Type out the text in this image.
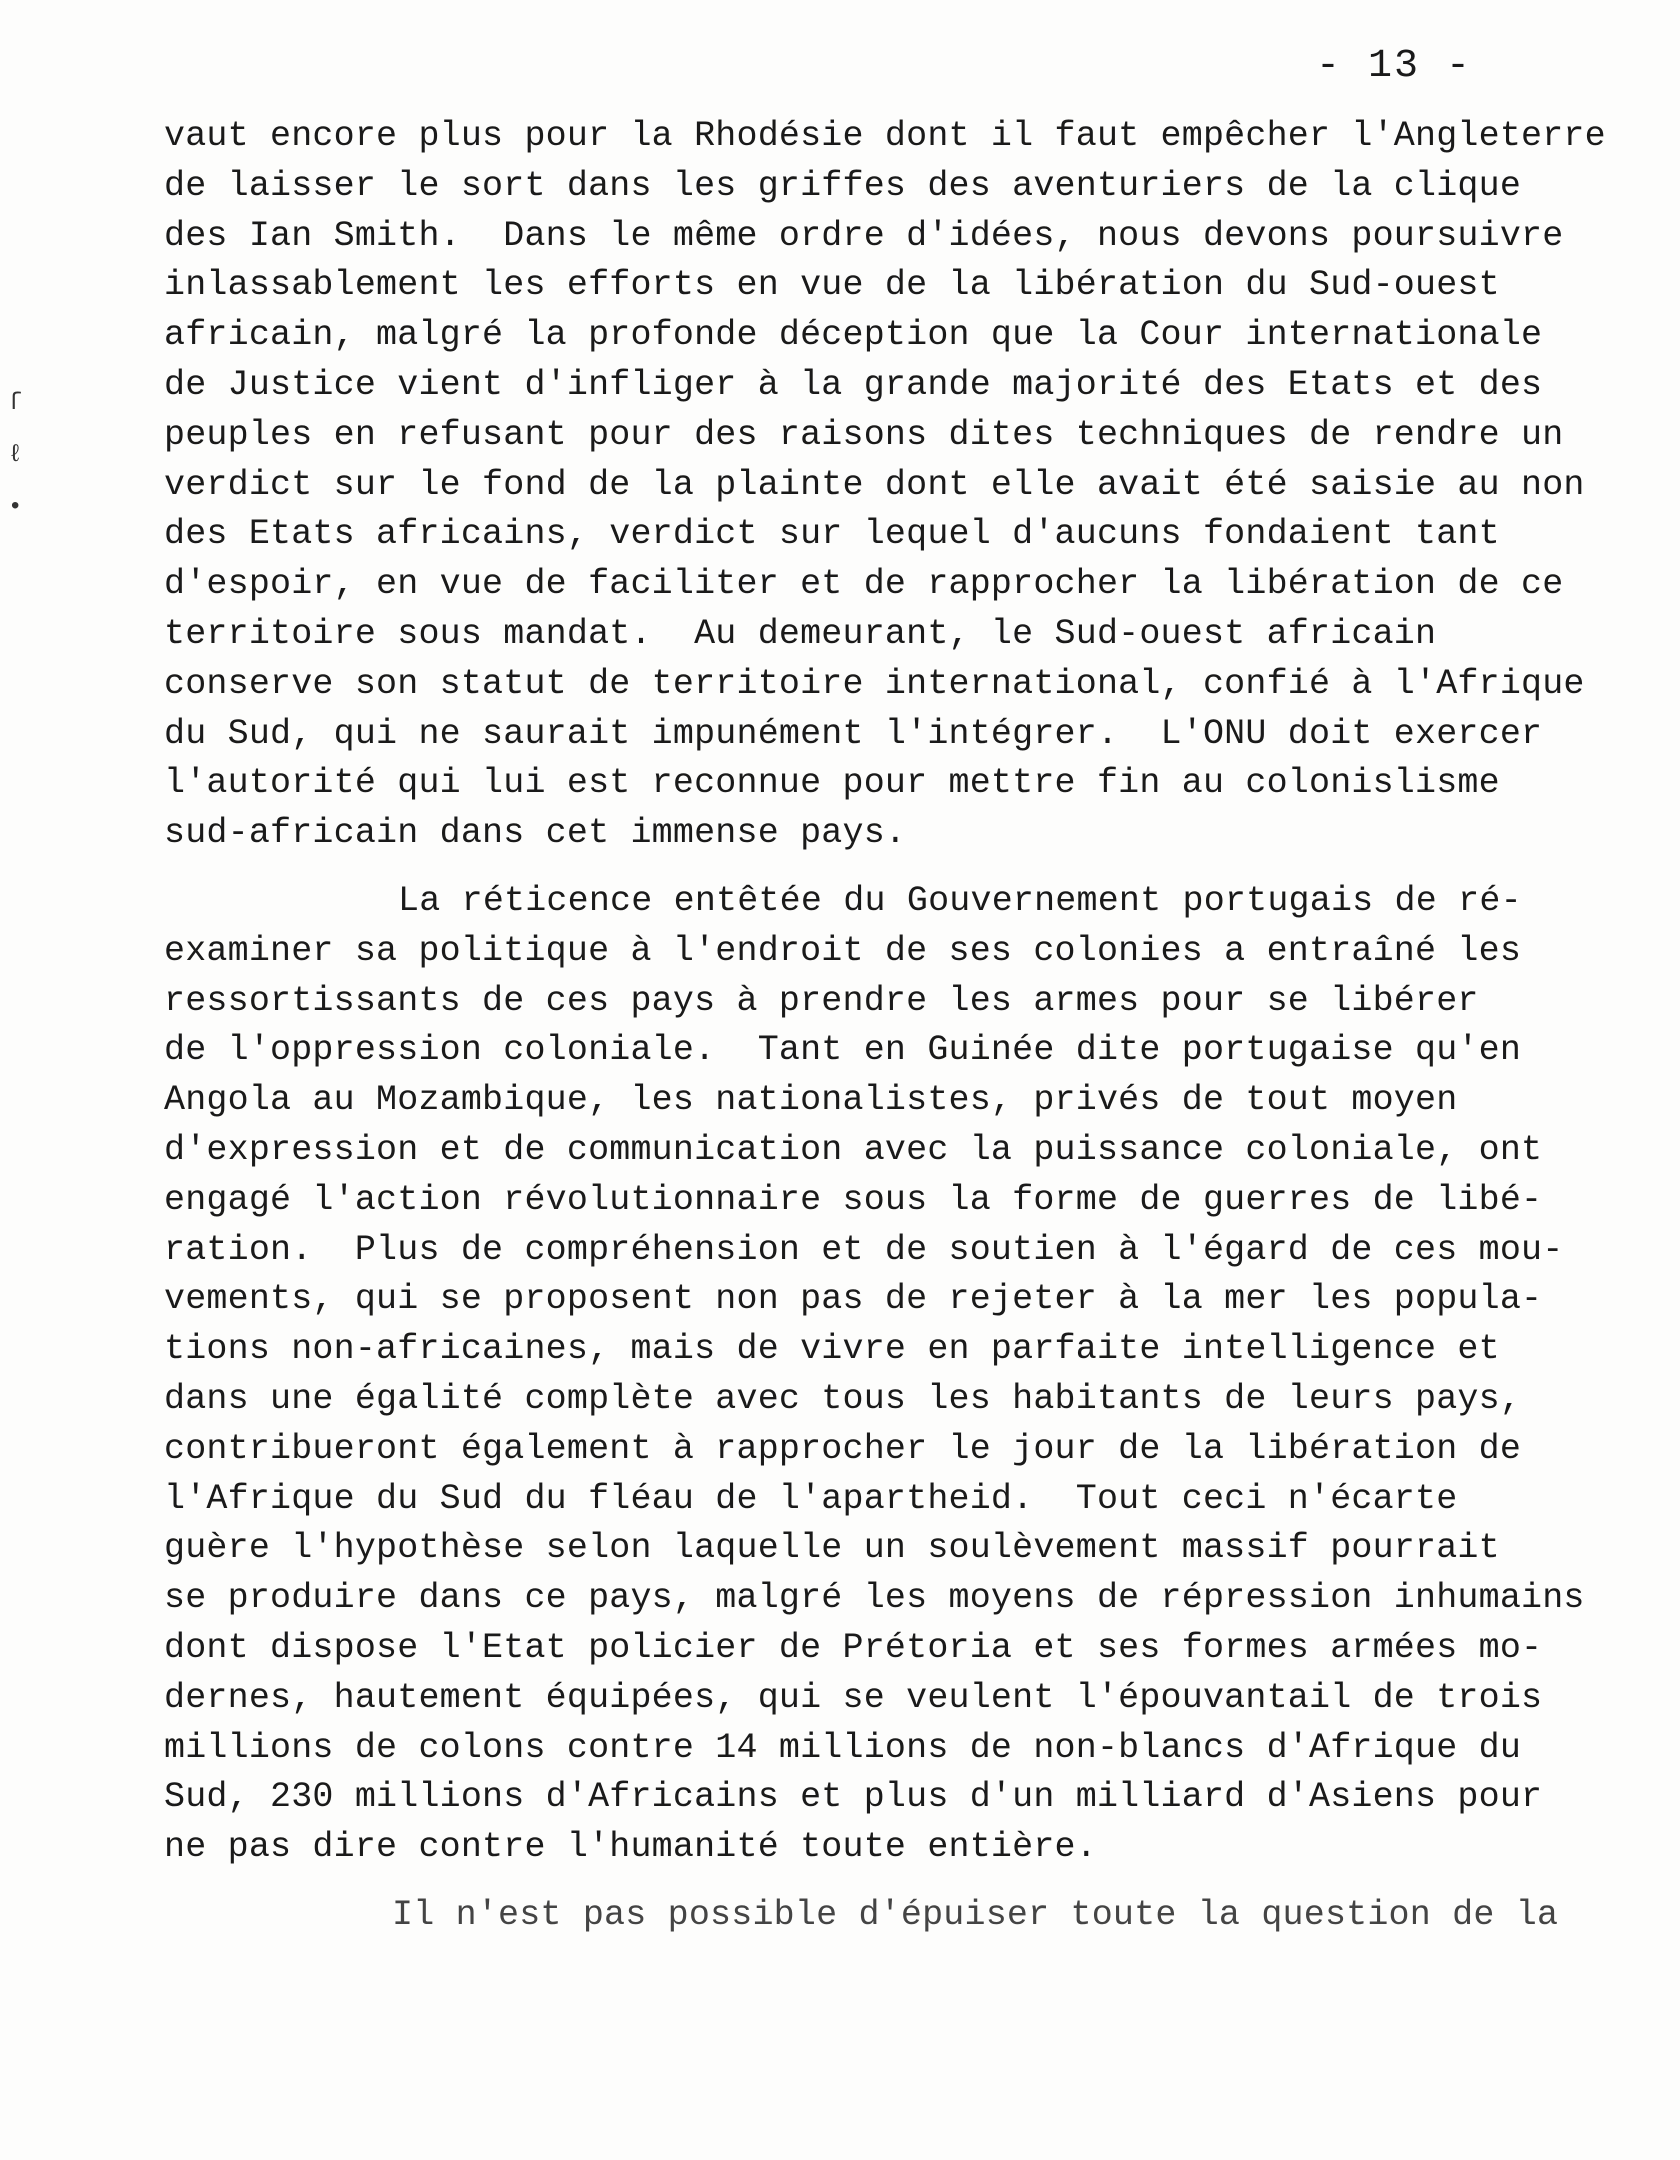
- 13 -
ſ
ℓ
•

vaut encore plus pour la Rhodésie dont il faut empêcher l'Angleterre
de laisser le sort dans les griffes des aventuriers de la clique
des Ian Smith.  Dans le même ordre d'idées, nous devons poursuivre
inlassablement les efforts en vue de la libération du Sud-ouest
africain, malgré la profonde déception que la Cour internationale
de Justice vient d'infliger à la grande majorité des Etats et des
peuples en refusant pour des raisons dites techniques de rendre un
verdict sur le fond de la plainte dont elle avait été saisie au non
des Etats africains, verdict sur lequel d'aucuns fondaient tant
d'espoir, en vue de faciliter et de rapprocher la libération de ce
territoire sous mandat.  Au demeurant, le Sud-ouest africain
conserve son statut de territoire international, confié à l'Afrique
du Sud, qui ne saurait impunément l'intégrer.  L'ONU doit exercer
l'autorité qui lui est reconnue pour mettre fin au colonislisme
sud-africain dans cet immense pays.

La réticence entêtée du Gouvernement portugais de ré-
examiner sa politique à l'endroit de ses colonies a entraîné les
ressortissants de ces pays à prendre les armes pour se libérer
de l'oppression coloniale.  Tant en Guinée dite portugaise qu'en
Angola au Mozambique, les nationalistes, privés de tout moyen
d'expression et de communication avec la puissance coloniale, ont
engagé l'action révolutionnaire sous la forme de guerres de libé-
ration.  Plus de compréhension et de soutien à l'égard de ces mou-
vements, qui se proposent non pas de rejeter à la mer les popula-
tions non-africaines, mais de vivre en parfaite intelligence et
dans une égalité complète avec tous les habitants de leurs pays,
contribueront également à rapprocher le jour de la libération de
l'Afrique du Sud du fléau de l'apartheid.  Tout ceci n'écarte
guère l'hypothèse selon laquelle un soulèvement massif pourrait
se produire dans ce pays, malgré les moyens de répression inhumains
dont dispose l'Etat policier de Prétoria et ses formes armées mo-
dernes, hautement équipées, qui se veulent l'épouvantail de trois
millions de colons contre 14 millions de non-blancs d'Afrique du
Sud, 230 millions d'Africains et plus d'un milliard d'Asiens pour
ne pas dire contre l'humanité toute entière.

Il n'est pas possible d'épuiser toute la question de la
